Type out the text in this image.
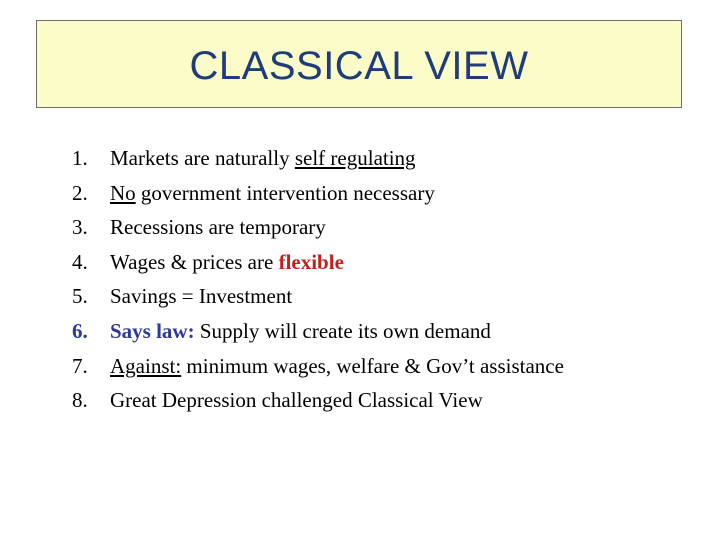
CLASSICAL VIEW
1.	Markets are naturally self regulating
2.	No government intervention necessary
3.	Recessions are temporary
4.	Wages & prices are flexible
5.	Savings = Investment
6.	Says law: Supply will create its own demand
7.	Against: minimum wages, welfare & Gov’t assistance
8.	Great Depression challenged Classical View
